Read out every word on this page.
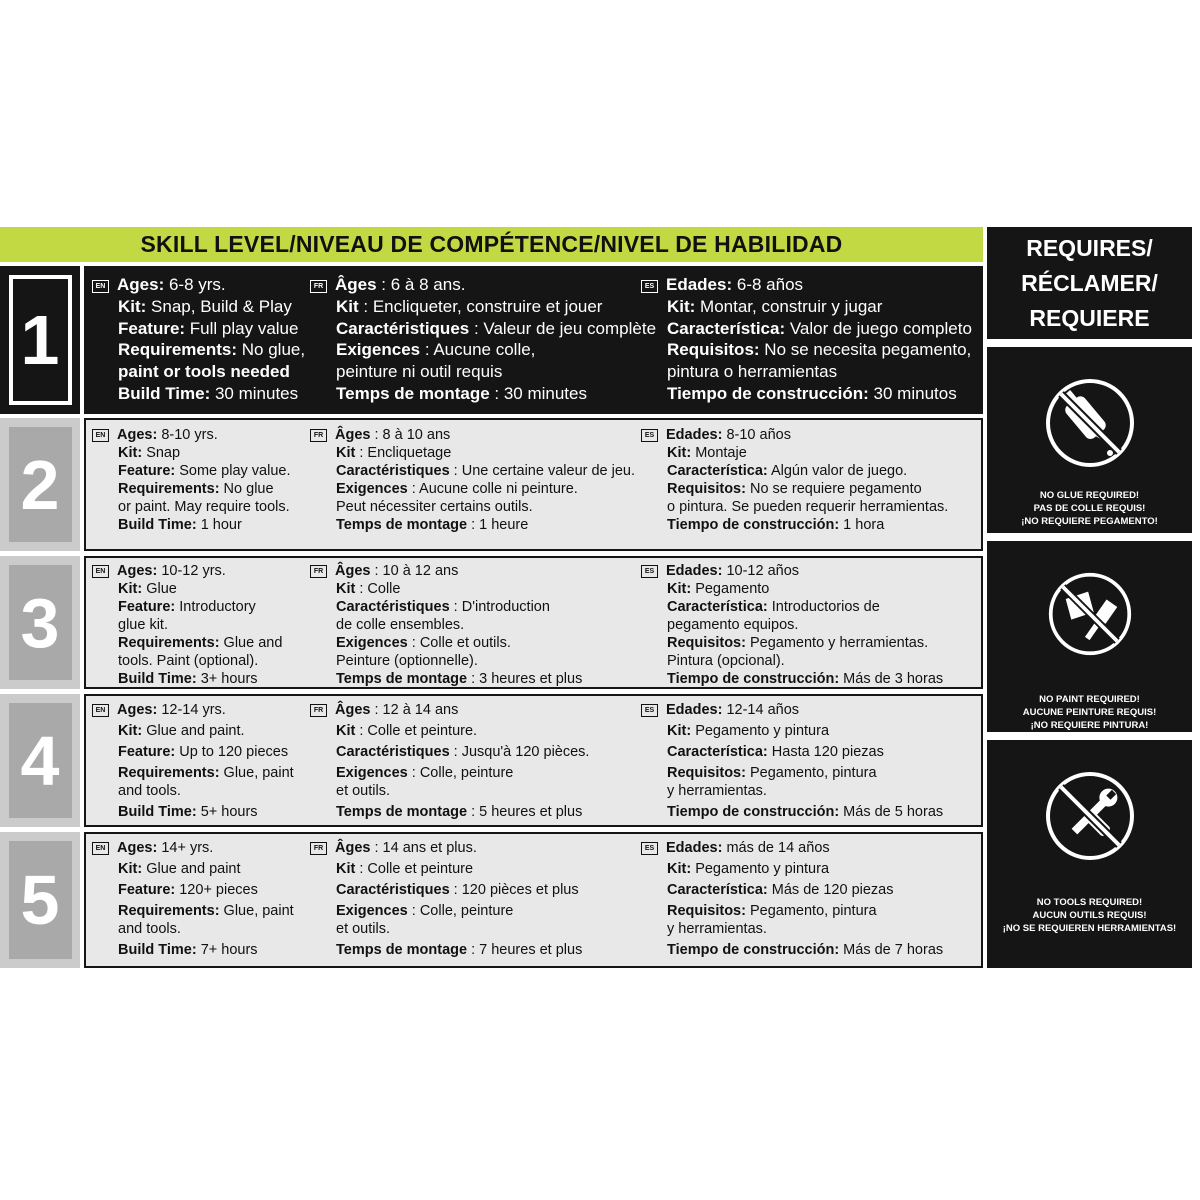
SKILL LEVEL/NIVEAU DE COMPÉTENCE/NIVEL DE HABILIDAD	REQUIRES/
RÉCLAMER/
REQUIERE
1
EN Ages: 6-8 yrs.
Kit: Snap, Build & Play
Feature: Full play value
Requirements: No glue,
paint or tools needed
Build Time: 30 minutes
FR Âges : 6 à 8 ans.
Kit : Encliqueter, construire et jouer
Caractéristiques : Valeur de jeu complète
Exigences : Aucune colle,
peinture ni outil requis
Temps de montage : 30 minutes
ES Edades: 6-8 años
Kit: Montar, construir y jugar
Característica: Valor de juego completo
Requisitos: No se necesita pegamento,
pintura o herramientas
Tiempo de construcción: 30 minutos
2
EN Ages: 8-10 yrs.
Kit: Snap
Feature: Some play value.
Requirements: No glue
or paint. May require tools.
Build Time: 1 hour
FR Âges : 8 à 10 ans
Kit : Encliquetage
Caractéristiques : Une certaine valeur de jeu.
Exigences : Aucune colle ni peinture.
Peut nécessiter certains outils.
Temps de montage : 1 heure
ES Edades: 8-10 años
Kit: Montaje
Característica: Algún valor de juego.
Requisitos: No se requiere pegamento
o pintura. Se pueden requerir herramientas.
Tiempo de construcción: 1 hora
3
EN Ages: 10-12 yrs.
Kit: Glue
Feature: Introductory
glue kit.
Requirements: Glue and
tools. Paint (optional).
Build Time: 3+ hours
FR Âges : 10 à 12 ans
Kit : Colle
Caractéristiques : D'introduction
de colle ensembles.
Exigences : Colle et outils.
Peinture (optionnelle).
Temps de montage : 3 heures et plus
ES Edades: 10-12 años
Kit: Pegamento
Característica: Introductorios de
pegamento equipos.
Requisitos: Pegamento y herramientas.
Pintura (opcional).
Tiempo de construcción: Más de 3 horas
4
EN Ages: 12-14 yrs.
Kit: Glue and paint.
Feature: Up to 120 pieces
Requirements: Glue, paint
and tools.
Build Time: 5+ hours
FR Âges : 12 à 14 ans
Kit : Colle et peinture.
Caractéristiques : Jusqu'à 120 pièces.
Exigences : Colle, peinture
et outils.
Temps de montage : 5 heures et plus
ES Edades: 12-14 años
Kit: Pegamento y pintura
Característica: Hasta 120 piezas
Requisitos: Pegamento, pintura
y herramientas.
Tiempo de construcción: Más de 5 horas
5
EN Ages: 14+ yrs.
Kit: Glue and paint
Feature: 120+ pieces
Requirements: Glue, paint
and tools.
Build Time: 7+ hours
FR Âges : 14 ans et plus.
Kit : Colle et peinture
Caractéristiques : 120 pièces et plus
Exigences : Colle, peinture
et outils.
Temps de montage : 7 heures et plus
ES Edades: más de 14 años
Kit: Pegamento y pintura
Característica: Más de 120 piezas
Requisitos: Pegamento, pintura
y herramientas.
Tiempo de construcción: Más de 7 horas
NO GLUE REQUIRED!
PAS DE COLLE REQUIS!
¡NO REQUIERE PEGAMENTO!
NO PAINT REQUIRED!
AUCUNE PEINTURE REQUIS!
¡NO REQUIERE PINTURA!
NO TOOLS REQUIRED!
AUCUN OUTILS REQUIS!
¡NO SE REQUIEREN HERRAMIENTAS!
